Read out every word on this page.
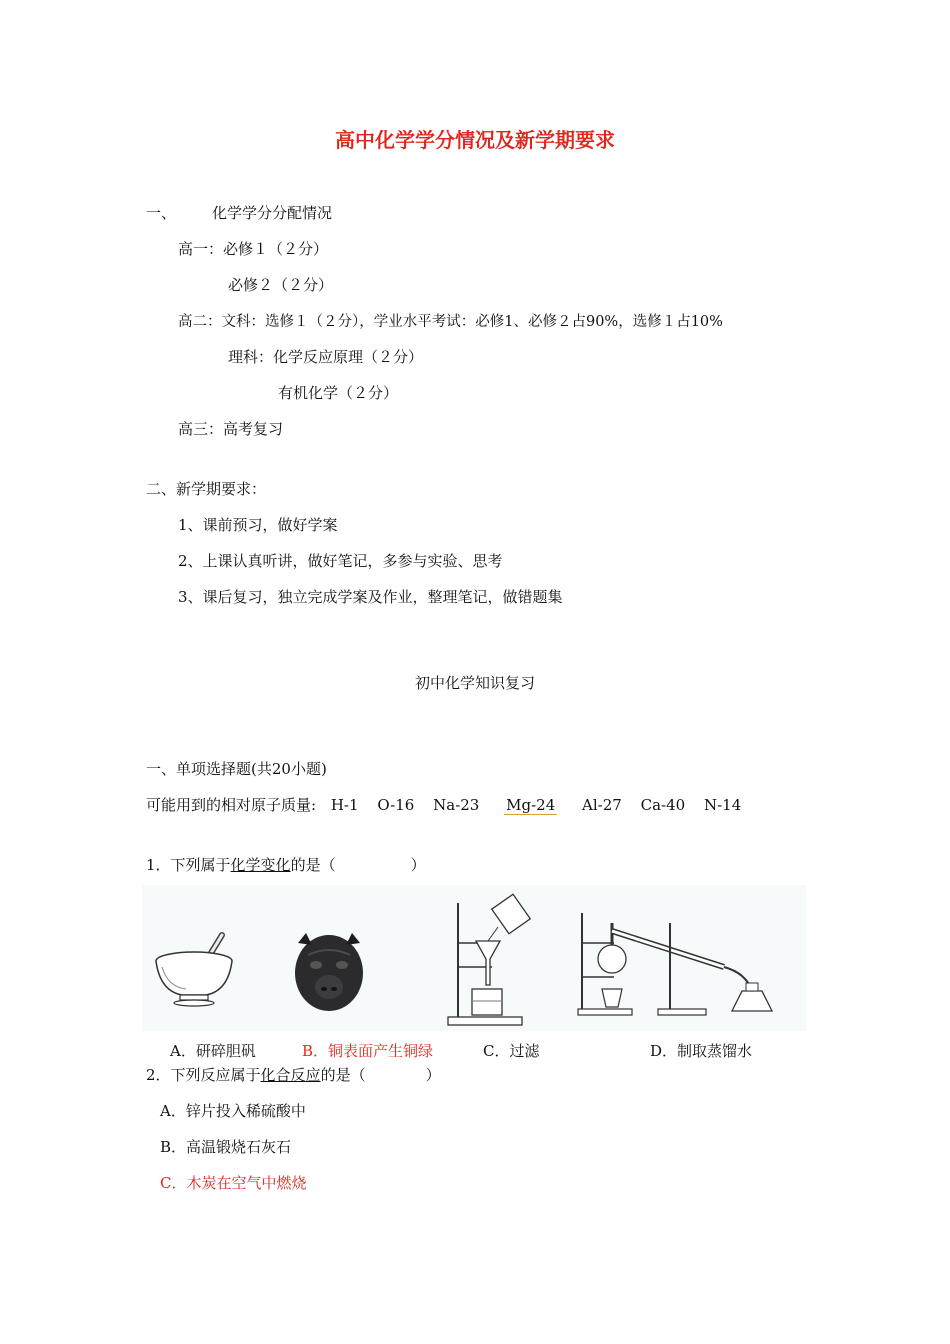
高中化学学分情况及新学期要求
一、 化学学分分配情况
高一：必修１（２分）
必修２（２分）
高二：文科：选修１（２分），学业水平考试：必修1、必修２占90%，选修１占10%
理科：化学反应原理（２分）
有机化学（２分）
高三：高考复习
二、新学期要求：
1、课前预习，做好学案
2、上课认真听讲，做好笔记，多参与实验、思考
3、课后复习，独立完成学案及作业，整理笔记，做错题集
初中化学知识复习
一、单项选择题(共20小题)
可能用到的相对原子质量: H-1 O-16 Na-23 Mg-24 Al-27 Ca-40 N-14
1．下列属于化学变化的是（　　　　　）
A．研碎胆矾	B．铜表面产生铜绿	C．过滤	D．制取蒸馏水
2．下列反应属于化合反应的是（　　　　）
A．锌片投入稀硫酸中
B．高温锻烧石灰石
C．木炭在空气中燃烧
